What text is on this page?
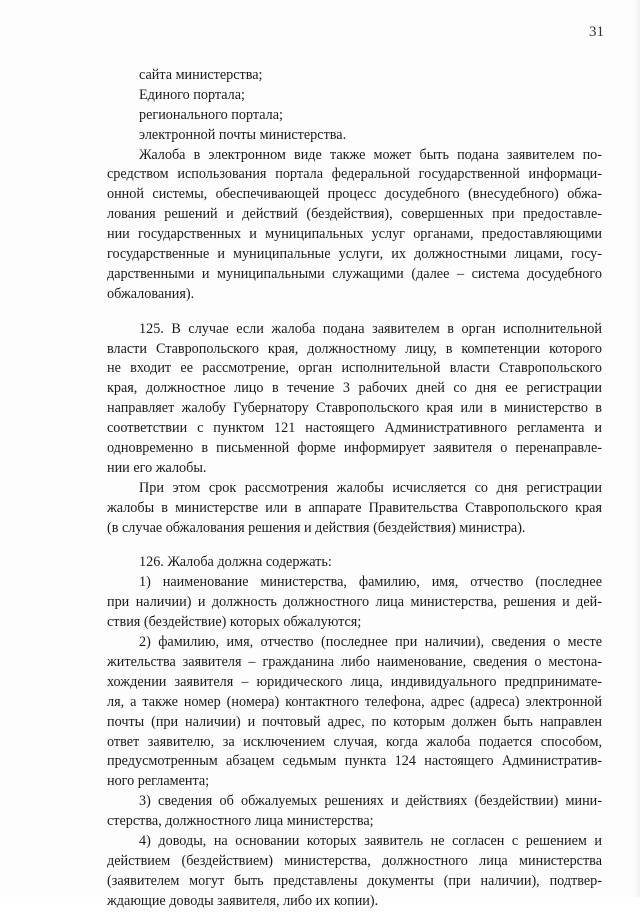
31
сайта министерства;
Единого портала;
регионального портала;
электронной почты министерства.
Жалоба в электронном виде также может быть подана заявителем по-
средством использования портала федеральной государственной информаци-
онной системы, обеспечивающей процесс досудебного (внесудебного) обжа-
лования решений и действий (бездействия), совершенных при предоставле-
нии государственных и муниципальных услуг органами, предоставляющими
государственные и муниципальные услуги, их должностными лицами, госу-
дарственными и муниципальными служащими (далее – система досудебного
обжалования).
125. В случае если жалоба подана заявителем в орган исполнительной
власти Ставропольского края, должностному лицу, в компетенции которого
не входит ее рассмотрение, орган исполнительной власти Ставропольского
края, должностное лицо в течение 3 рабочих дней со дня ее регистрации
направляет жалобу Губернатору Ставропольского края или в министерство в
соответствии с пунктом 121 настоящего Административного регламента и
одновременно в письменной форме информирует заявителя о перенаправле-
нии его жалобы.
При этом срок рассмотрения жалобы исчисляется со дня регистрации
жалобы в министерстве или в аппарате Правительства Ставропольского края
(в случае обжалования решения и действия (бездействия) министра).
126. Жалоба должна содержать:
1) наименование министерства, фамилию, имя, отчество (последнее
при наличии) и должность должностного лица министерства, решения и дей-
ствия (бездействие) которых обжалуются;
2) фамилию, имя, отчество (последнее при наличии), сведения о месте
жительства заявителя – гражданина либо наименование, сведения о местона-
хождении заявителя – юридического лица, индивидуального предпринимате-
ля, а также номер (номера) контактного телефона, адрес (адреса) электронной
почты (при наличии) и почтовый адрес, по которым должен быть направлен
ответ заявителю, за исключением случая, когда жалоба подается способом,
предусмотренным абзацем седьмым пункта 124 настоящего Административ-
ного регламента;
3) сведения об обжалуемых решениях и действиях (бездействии) мини-
стерства, должностного лица министерства;
4) доводы, на основании которых заявитель не согласен с решением и
действием (бездействием) министерства, должностного лица министерства
(заявителем могут быть представлены документы (при наличии), подтвер-
ждающие доводы заявителя, либо их копии).
